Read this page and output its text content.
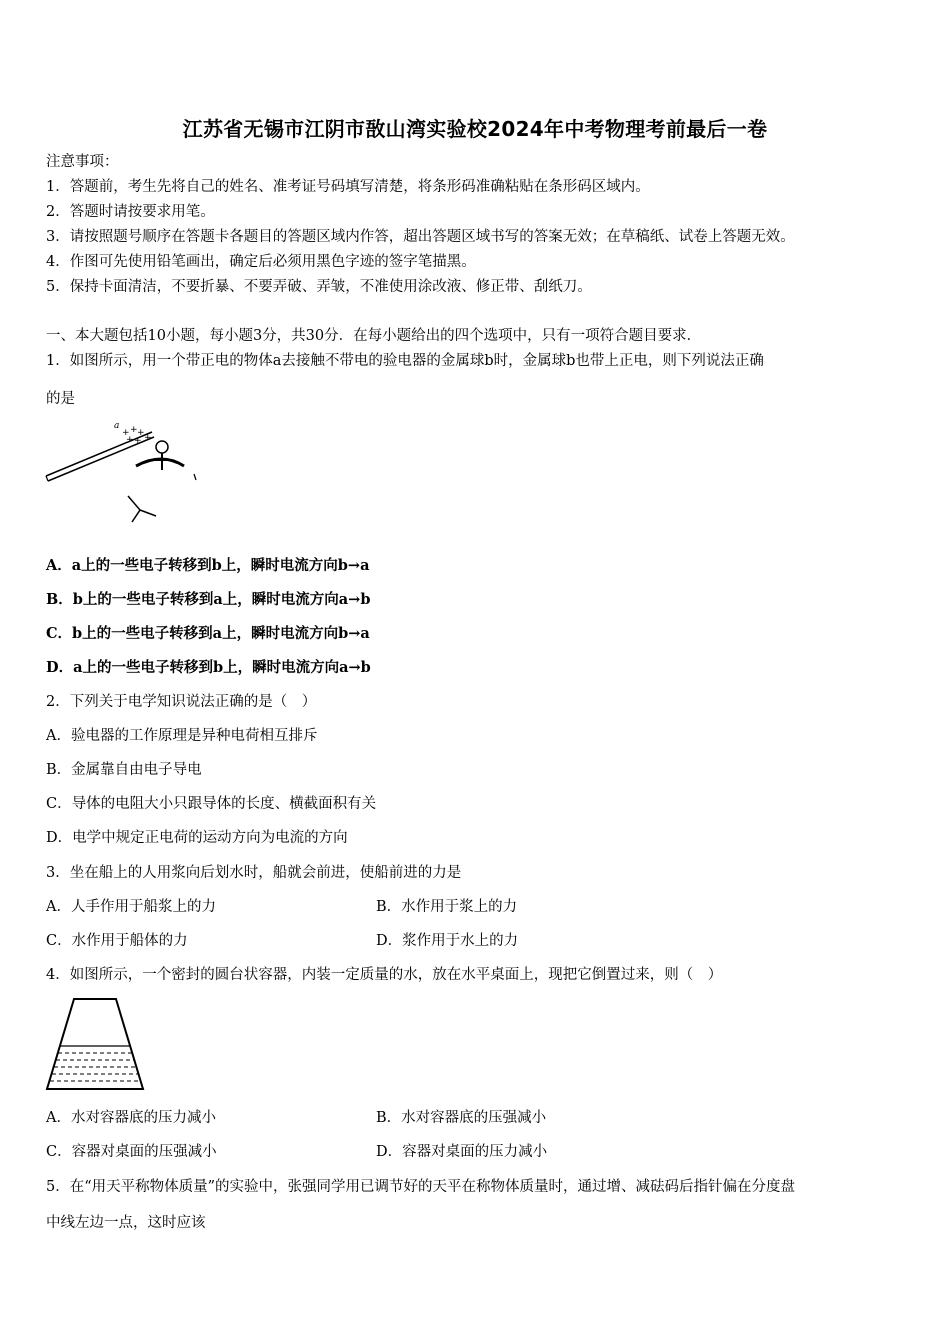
江苏省无锡市江阴市敔山湾实验校2024年中考物理考前最后一卷
注意事项：
1．答题前，考生先将自己的姓名、准考证号码填写清楚，将条形码准确粘贴在条形码区域内。
2．答题时请按要求用笔。
3．请按照题号顺序在答题卡各题目的答题区域内作答，超出答题区域书写的答案无效；在草稿纸、试卷上答题无效。
4．作图可先使用铅笔画出，确定后必须用黑色字迹的签字笔描黑。
5．保持卡面清洁，不要折暴、不要弄破、弄皱，不准使用涂改液、修正带、刮纸刀。
一、本大题包括10小题，每小题3分，共30分．在每小题给出的四个选项中，只有一项符合题目要求．
1．如图所示，用一个带正电的物体a去接触不带电的验电器的金属球b时，金属球b也带上正电，则下列说法正确
的是
a
+ + + +
+
+
A．a上的一些电子转移到b上，瞬时电流方向b→a
B．b上的一些电子转移到a上，瞬时电流方向a→b
C．b上的一些电子转移到a上，瞬时电流方向b→a
D．a上的一些电子转移到b上，瞬时电流方向a→b
2．下列关于电学知识说法正确的是（　）
A．验电器的工作原理是异种电荷相互排斥
B．金属靠自由电子导电
C．导体的电阻大小只跟导体的长度、横截面积有关
D．电学中规定正电荷的运动方向为电流的方向
3．坐在船上的人用浆向后划水时，船就会前进，使船前进的力是
A．人手作用于船浆上的力	B．水作用于浆上的力
C．水作用于船体的力	D．浆作用于水上的力
4．如图所示，一个密封的圆台状容器，内装一定质量的水，放在水平桌面上，现把它倒置过来，则（　）
A．水对容器底的压力减小	B．水对容器底的压强减小
C．容器对桌面的压强减小	D．容器对桌面的压力减小
5．在“用天平称物体质量”的实验中，张强同学用已调节好的天平在称物体质量时，通过增、减砝码后指针偏在分度盘
中线左边一点，这时应该
